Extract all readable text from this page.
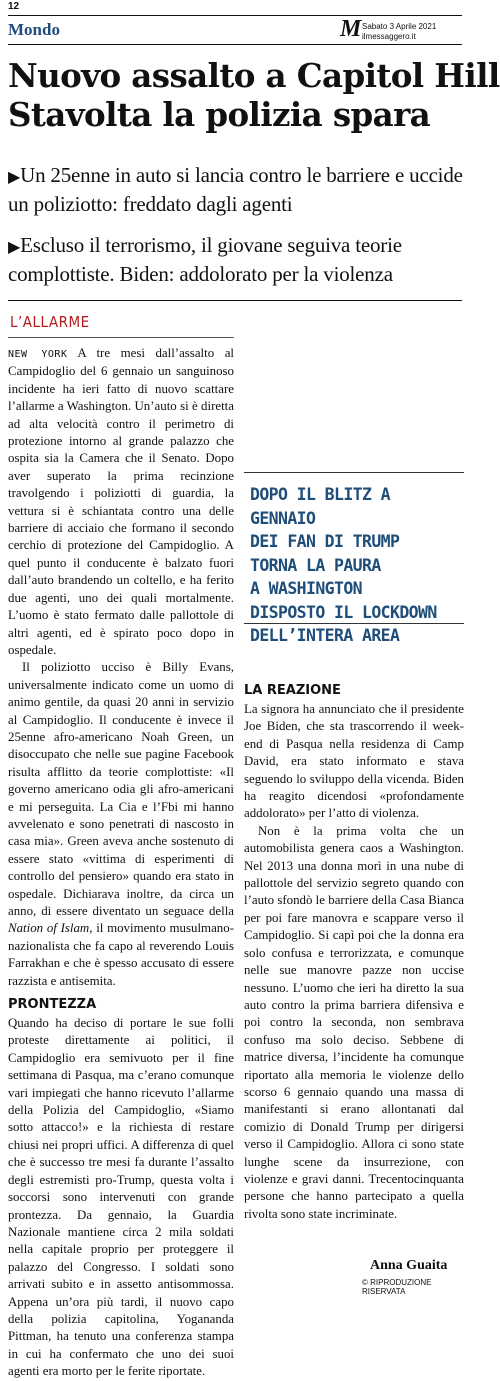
12
Mondo	M Sabato 3 Aprile 2021
ilmessaggero.it
Nuovo assalto a Capitol Hill
Stavolta la polizia spara
▶Un 25enne in auto si lancia contro le barriere e uccide un poliziotto: freddato dagli agenti
▶Escluso il terrorismo, il giovane seguiva teorie complottiste. Biden: addolorato per la violenza
L’ALLARME

NEW YORK A tre mesi dall’assalto al Campidoglio del 6 gennaio un sanguinoso incidente ha ieri fatto di nuovo scattare l’allarme a Washington. Un’auto si è diretta ad alta velocità contro il perimetro di protezione intorno al grande palazzo che ospita sia la Camera che il Senato. Dopo aver superato la prima recinzione travolgendo i poliziotti di guardia, la vettura si è schiantata contro una delle barriere di acciaio che formano il secondo cerchio di protezione del Campidoglio. A quel punto il conducente è balzato fuori dall’auto brandendo un coltello, e ha ferito due agenti, uno dei quali mortalmente. L’uomo è stato fermato dalle pallottole di altri agenti, ed è spirato poco dopo in ospedale.

Il poliziotto ucciso è Billy Evans, universalmente indicato come un uomo di animo gentile, da quasi 20 anni in servizio al Campidoglio. Il conducente è invece il 25enne afro-americano Noah Green, un disoccupato che nelle sue pagine Facebook risulta afflitto da teorie complottiste: «Il governo americano odia gli afro-americani e mi perseguita. La Cia e l’Fbi mi hanno avvelenato e sono penetrati di nascosto in casa mia». Green aveva anche sostenuto di essere stato «vittima di esperimenti di controllo del pensiero» quando era stato in ospedale. Dichiarava inoltre, da circa un anno, di essere diventato un seguace della Nation of Islam, il movimento musulmano-nazionalista che fa capo al reverendo Louis Farrakhan e che è spesso accusato di essere razzista e antisemita.

PRONTEZZA

Quando ha deciso di portare le sue folli proteste direttamente ai politici, il Campidoglio era semivuoto per il fine settimana di Pasqua, ma c’erano comunque vari impiegati che hanno ricevuto l’allarme della Polizia del Campidoglio, «Siamo sotto attacco!» e la richiesta di restare chiusi nei propri uffici. A differenza di quel che è successo tre mesi fa durante l’assalto degli estremisti pro-Trump, questa volta i soccorsi sono intervenuti con grande prontezza. Da gennaio, la Guardia Nazionale mantiene circa 2 mila soldati nella capitale proprio per proteggere il palazzo del Congresso. I soldati sono arrivati subito e in assetto antisommossa. Appena un’ora più tardi, il nuovo capo della polizia capitolina, Yogananda Pittman, ha tenuto una conferenza stampa in cui ha confermato che uno dei suoi agenti era morto per le ferite riportate.

DOPO IL BLITZ A GENNAIO
DEI FAN DI TRUMP
TORNA LA PAURA
A WASHINGTON
DISPOSTO IL LOCKDOWN
DELL’INTERA AREA
LA REAZIONE

La signora ha annunciato che il presidente Joe Biden, che sta trascorrendo il week-end di Pasqua nella residenza di Camp David, era stato informato e stava seguendo lo sviluppo della vicenda. Biden ha reagito dicendosi «profondamente addolorato» per l’atto di violenza.

Non è la prima volta che un automobilista genera caos a Washington. Nel 2013 una donna morì in una nube di pallottole del servizio segreto quando con l’auto sfondò le barriere della Casa Bianca per poi fare manovra e scappare verso il Campidoglio. Si capì poi che la donna era solo confusa e terrorizzata, e comunque nelle sue manovre pazze non uccise nessuno. L’uomo che ieri ha diretto la sua auto contro la prima barriera difensiva e poi contro la seconda, non sembrava confuso ma solo deciso. Sebbene di matrice diversa, l’incidente ha comunque riportato alla memoria le violenze dello scorso 6 gennaio quando una massa di manifestanti si erano allontanati dal comizio di Donald Trump per dirigersi verso il Campidoglio. Allora ci sono state lunghe scene da insurrezione, con violenze e gravi danni. Trecentocinquanta persone che hanno partecipato a quella rivolta sono state incriminate.

Anna Guaita
© RIPRODUZIONE RISERVATA
